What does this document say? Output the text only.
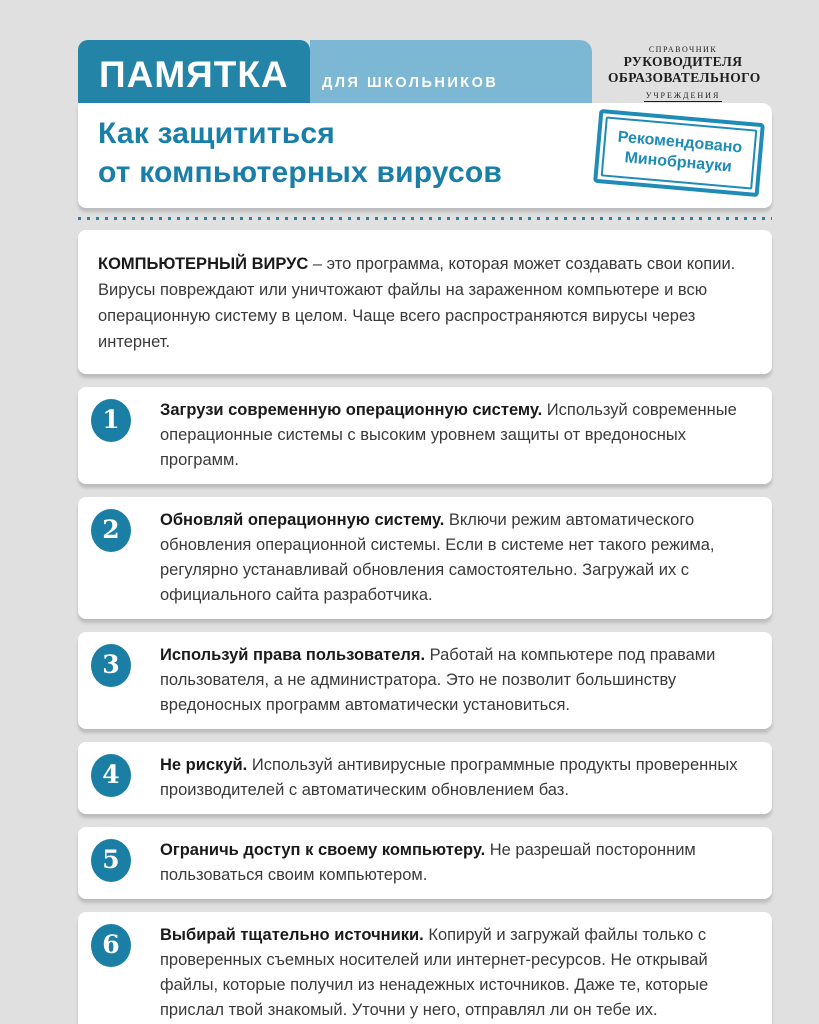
ПАМЯТКА ДЛЯ ШКОЛЬНИКОВ
СПРАВОЧНИК
РУКОВОДИТЕЛЯ
ОБРАЗОВАТЕЛЬНОГО
УЧРЕЖДЕНИЯ
Как защититься
от компьютерных вирусов
Рекомендовано
Минобрнауки
КОМПЬЮТЕРНЫЙ ВИРУС – это программа, которая может создавать свои копии. Вирусы повреждают или уничтожают файлы на зараженном компьютере и всю операционную систему в целом. Чаще всего распространяются вирусы через интернет.
1 Загрузи современную операционную систему. Используй современные операционные системы с высоким уровнем защиты от вредоносных программ.
2 Обновляй операционную систему. Включи режим автоматического обновления операционной системы. Если в системе нет такого режима, регулярно устанавливай обновления самостоятельно. Загружай их с официального сайта разработчика.
3 Используй права пользователя. Работай на компьютере под правами пользователя, а не администратора. Это не позволит большинству вредоносных программ автоматически установиться.
4 Не рискуй. Используй антивирусные программные продукты проверенных производителей с автоматическим обновлением баз.
5 Ограничь доступ к своему компьютеру. Не разрешай посторонним пользоваться своим компьютером.
6 Выбирай тщательно источники. Копируй и загружай файлы только с проверенных съемных носителей или интернет-ресурсов. Не открывай файлы, которые получил из ненадежных источников. Даже те, которые прислал твой знакомый. Уточни у него, отправлял ли он тебе их.
